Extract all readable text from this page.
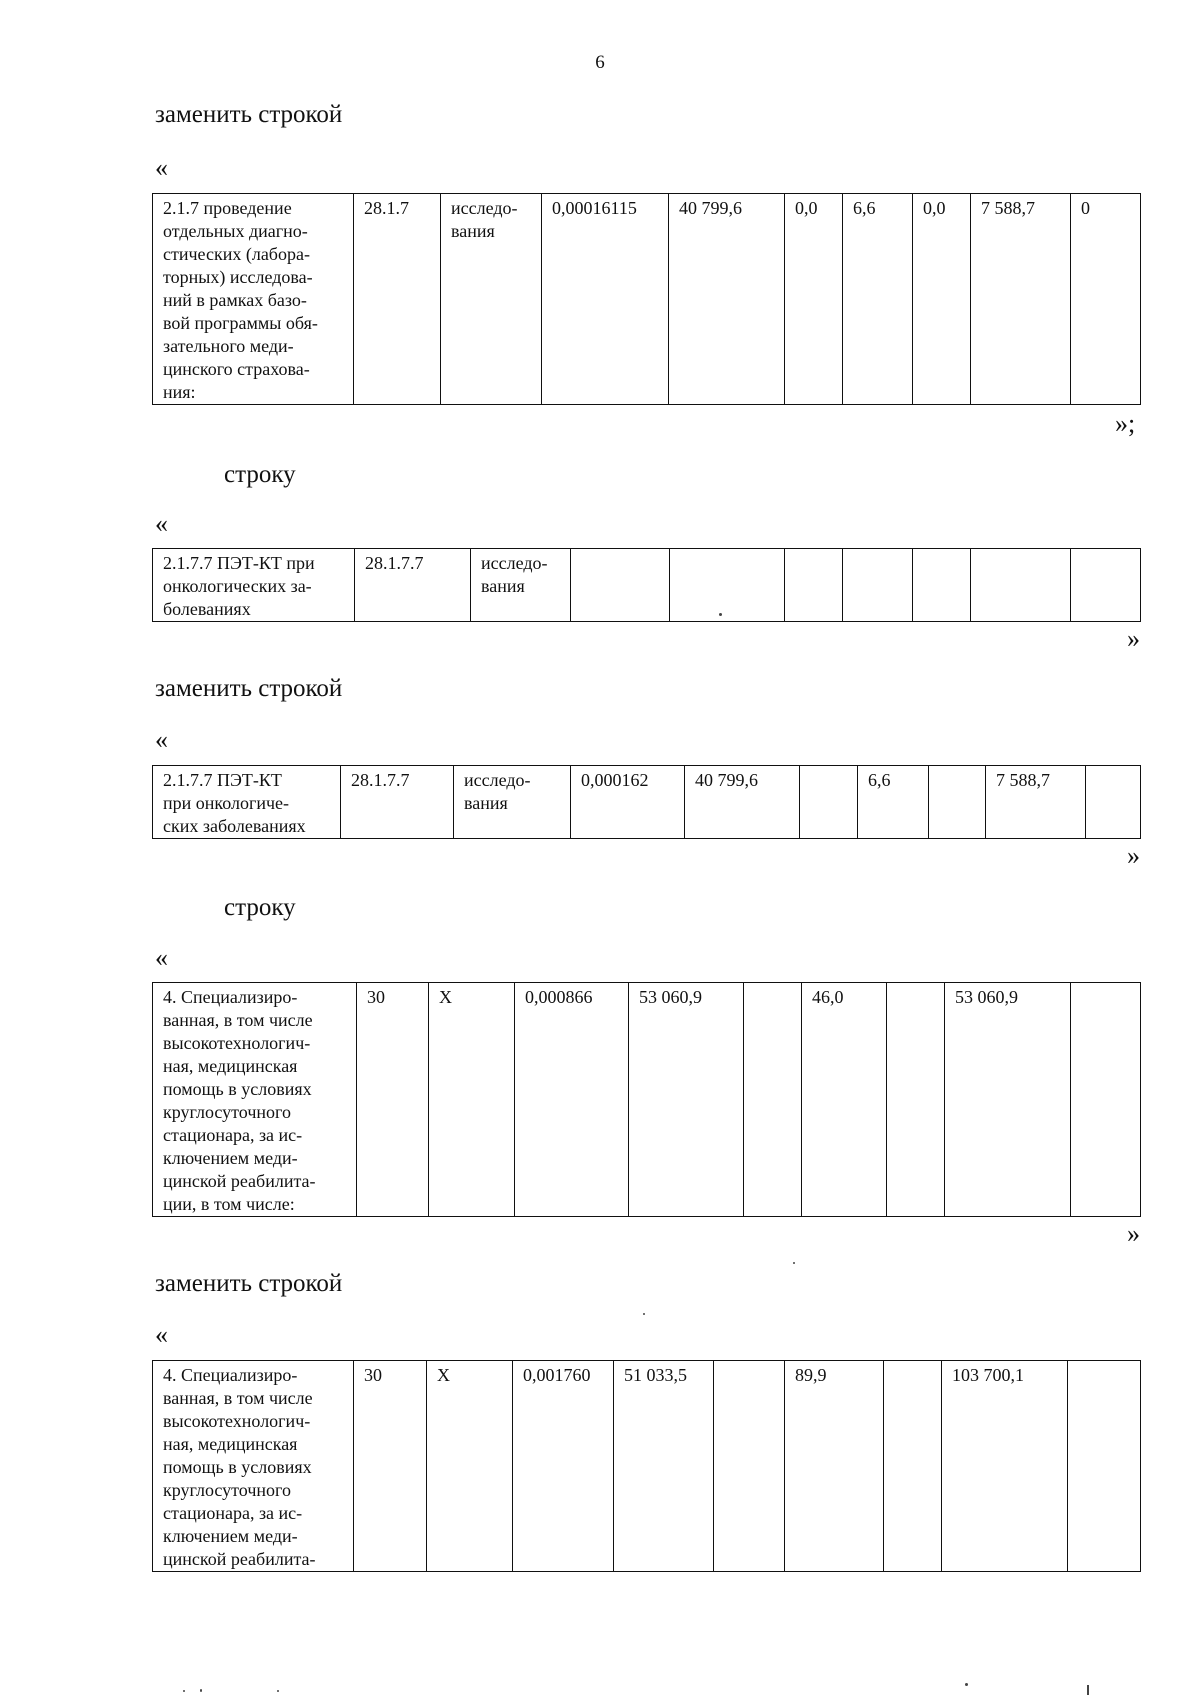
6
заменить строкой
«
2.1.7 проведение
отдельных диагно-
стических (лабора-
торных) исследова-
ний в рамках базо-
вой программы обя-
зательного меди-
цинского страхова-
ния:	28.1.7	исследо- вания	0,00016115	40 799,6	0,0	6,6	0,0	7 588,7	0
»;
строку
«
2.1.7.7 ПЭТ-КТ при
онкологических за-
болеваниях	28.1.7.7	исследо- вания							
»
заменить строкой
«
2.1.7.7 ПЭТ-КТ
при онкологиче-
ских заболеваниях	28.1.7.7	исследо- вания	0,000162	40 799,6		6,6		7 588,7	
»
строку
«
4. Специализиро-
ванная, в том числе
высокотехнологич-
ная, медицинская
помощь в условиях
круглосуточного
стационара, за ис-
ключением меди-
цинской реабилита-
ции, в том числе:	30	X	0,000866	53 060,9		46,0		53 060,9	
»
заменить строкой
«
4. Специализиро-
ванная, в том числе
высокотехнологич-
ная, медицинская
помощь в условиях
круглосуточного
стационара, за ис-
ключением меди-
цинской реабилита-	30	X	0,001760	51 033,5		89,9		103 700,1	
